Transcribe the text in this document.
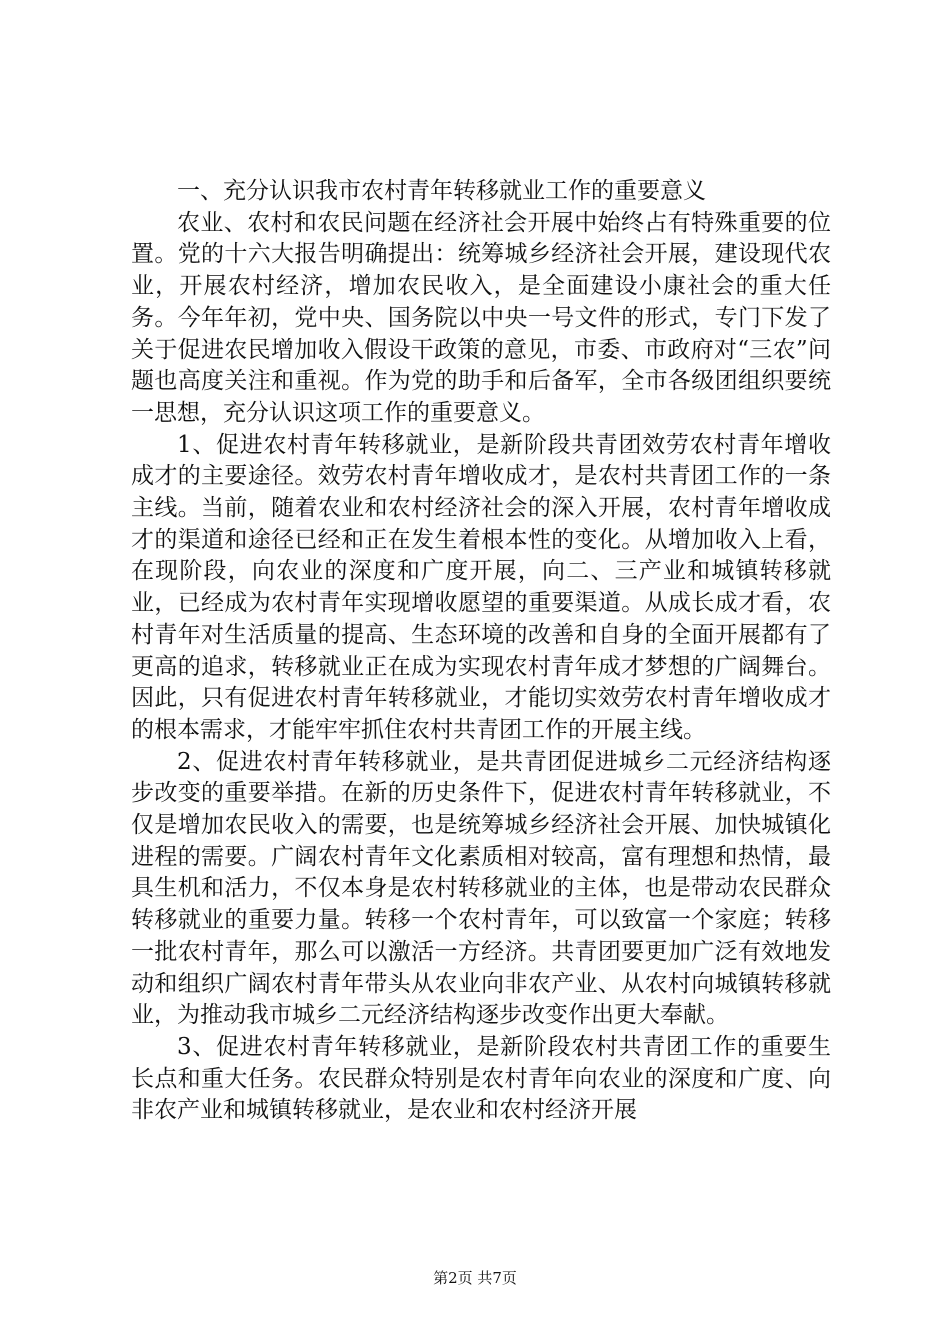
一、充分认识我市农村青年转移就业工作的重要意义

农业、农村和农民问题在经济社会开展中始终占有特殊重要的位置。党的十六大报告明确提出：统筹城乡经济社会开展，建设现代农业，开展农村经济，增加农民收入，是全面建设小康社会的重大任务。今年年初，党中央、国务院以中央一号文件的形式，专门下发了关于促进农民增加收入假设干政策的意见，市委、市政府对“三农”问题也高度关注和重视。作为党的助手和后备军，全市各级团组织要统一思想，充分认识这项工作的重要意义。

1、促进农村青年转移就业，是新阶段共青团效劳农村青年增收成才的主要途径。效劳农村青年增收成才，是农村共青团工作的一条主线。当前，随着农业和农村经济社会的深入开展，农村青年增收成才的渠道和途径已经和正在发生着根本性的变化。从增加收入上看，在现阶段，向农业的深度和广度开展，向二、三产业和城镇转移就业，已经成为农村青年实现增收愿望的重要渠道。从成长成才看，农村青年对生活质量的提高、生态环境的改善和自身的全面开展都有了更高的追求，转移就业正在成为实现农村青年成才梦想的广阔舞台。因此，只有促进农村青年转移就业，才能切实效劳农村青年增收成才的根本需求，才能牢牢抓住农村共青团工作的开展主线。

2、促进农村青年转移就业，是共青团促进城乡二元经济结构逐步改变的重要举措。在新的历史条件下，促进农村青年转移就业，不仅是增加农民收入的需要，也是统筹城乡经济社会开展、加快城镇化进程的需要。广阔农村青年文化素质相对较高，富有理想和热情，最具生机和活力，不仅本身是农村转移就业的主体，也是带动农民群众转移就业的重要力量。转移一个农村青年，可以致富一个家庭；转移一批农村青年，那么可以激活一方经济。共青团要更加广泛有效地发动和组织广阔农村青年带头从农业向非农产业、从农村向城镇转移就业，为推动我市城乡二元经济结构逐步改变作出更大奉献。

3、促进农村青年转移就业，是新阶段农村共青团工作的重要生长点和重大任务。农民群众特别是农村青年向农业的深度和广度、向非农产业和城镇转移就业，是农业和农村经济开展

第2页 共7页
